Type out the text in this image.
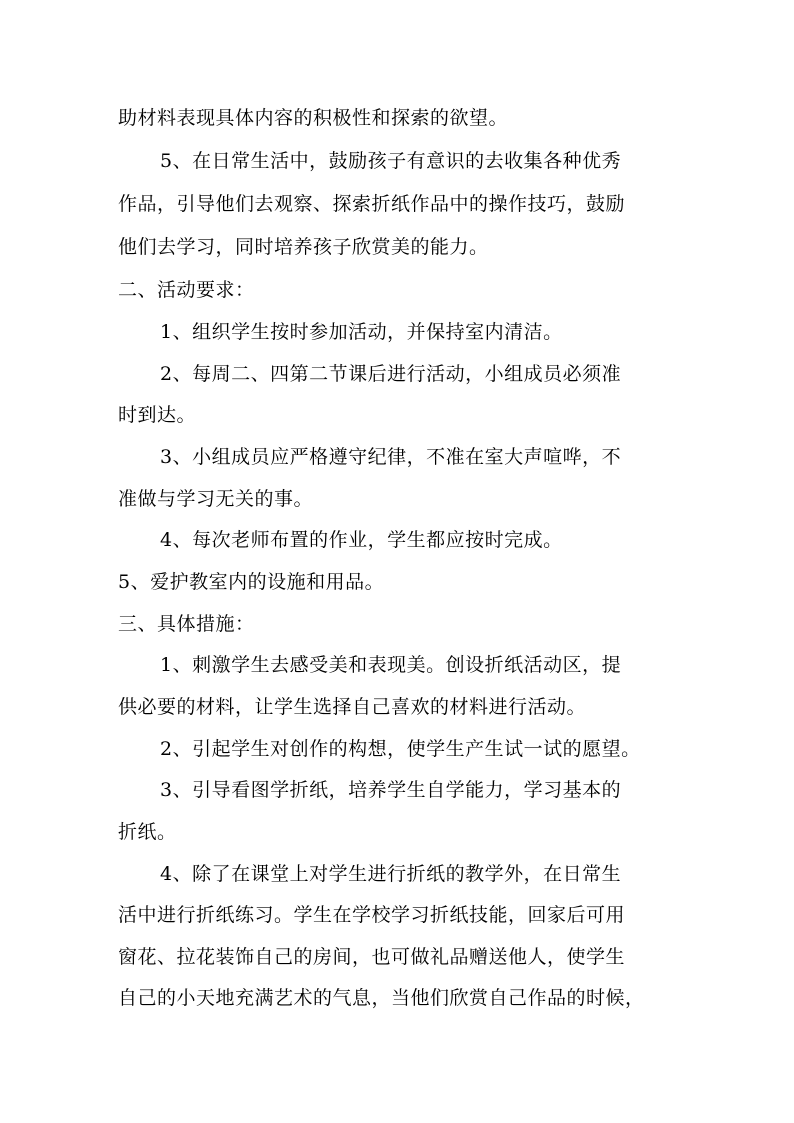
助材料表现具体内容的积极性和探索的欲望。
5、在日常生活中，鼓励孩子有意识的去收集各种优秀
作品，引导他们去观察、探索折纸作品中的操作技巧，鼓励
他们去学习，同时培养孩子欣赏美的能力。
二、活动要求：
1、组织学生按时参加活动，并保持室内清洁。
2、每周二、四第二节课后进行活动，小组成员必须准
时到达。
3、小组成员应严格遵守纪律，不准在室大声喧哗，不
准做与学习无关的事。
4、每次老师布置的作业，学生都应按时完成。
5、爱护教室内的设施和用品。
三、具体措施：
1、刺激学生去感受美和表现美。创设折纸活动区，提
供必要的材料，让学生选择自己喜欢的材料进行活动。
2、引起学生对创作的构想，使学生产生试一试的愿望。
3、引导看图学折纸，培养学生自学能力，学习基本的
折纸。
4、除了在课堂上对学生进行折纸的教学外，在日常生
活中进行折纸练习。学生在学校学习折纸技能，回家后可用
窗花、拉花装饰自己的房间，也可做礼品赠送他人，使学生
自己的小天地充满艺术的气息，当他们欣赏自己作品的时候，
